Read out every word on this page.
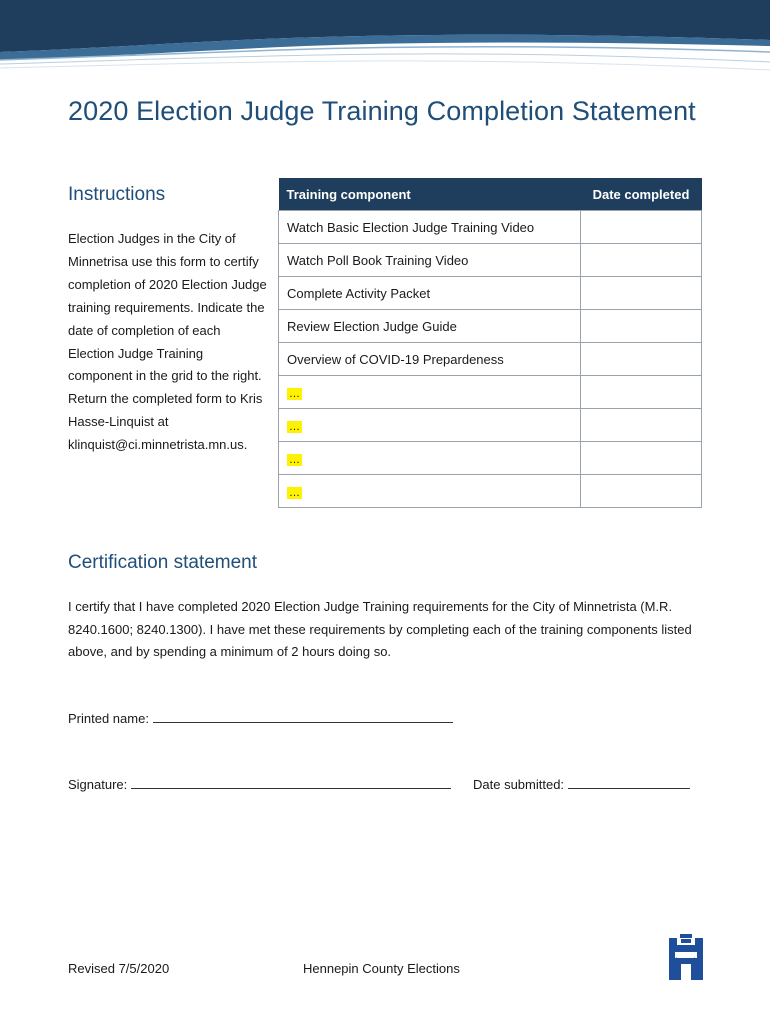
2020 Election Judge Training Completion Statement
Instructions

Election Judges in the City of Minnetrisa use this form to certify completion of 2020 Election Judge training requirements. Indicate the date of completion of each Election Judge Training component in the grid to the right. Return the completed form to Kris Hasse-Linquist at klinquist@ci.minnetrista.mn.us.

Training component	Date completed
Watch Basic Election Judge Training Video	
Watch Poll Book Training Video	
Complete Activity Packet	
Review Election Judge Guide	
Overview of COVID-19 Prepardeness	
…	
…	
…	
…	
Certification statement

I certify that I have completed 2020 Election Judge Training requirements for the City of Minnetrista (M.R. 8240.1600; 8240.1300). I have met these requirements by completing each of the training components listed above, and by spending a minimum of 2 hours doing so.

Printed name:
Signature:	Date submitted:
Revised 7/5/2020	Hennepin County Elections
Hennepin
